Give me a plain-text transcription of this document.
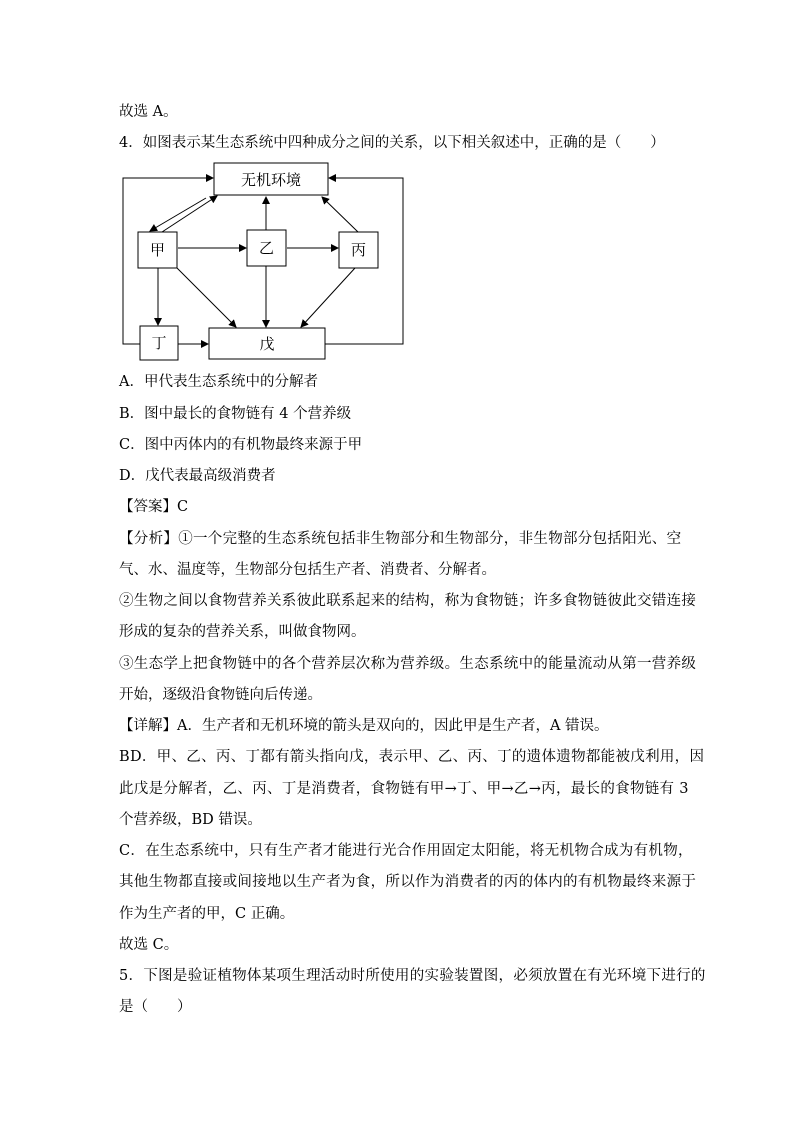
故选 A。
4．如图表示某生态系统中四种成分之间的关系，以下相关叙述中，正确的是（　　）
无机环境
甲	乙	丙
丁	戊
A．甲代表生态系统中的分解者
B．图中最长的食物链有 4 个营养级
C．图中丙体内的有机物最终来源于甲
D．戊代表最高级消费者
【答案】C
【分析】①一个完整的生态系统包括非生物部分和生物部分，非生物部分包括阳光、空
气、水、温度等，生物部分包括生产者、消费者、分解者。
②生物之间以食物营养关系彼此联系起来的结构，称为食物链；许多食物链彼此交错连接
形成的复杂的营养关系，叫做食物网。
③生态学上把食物链中的各个营养层次称为营养级。生态系统中的能量流动从第一营养级
开始，逐级沿食物链向后传递。
【详解】A．生产者和无机环境的箭头是双向的，因此甲是生产者，A 错误。
BD．甲、乙、丙、丁都有箭头指向戊，表示甲、乙、丙、丁的遗体遗物都能被戊利用，因
此戊是分解者，乙、丙、丁是消费者，食物链有甲→丁、甲→乙→丙，最长的食物链有 3
个营养级，BD 错误。
C．在生态系统中，只有生产者才能进行光合作用固定太阳能，将无机物合成为有机物，
其他生物都直接或间接地以生产者为食，所以作为消费者的丙的体内的有机物最终来源于
作为生产者的甲，C 正确。
故选 C。
5．下图是验证植物体某项生理活动时所使用的实验装置图，必须放置在有光环境下进行的
是（　　）
